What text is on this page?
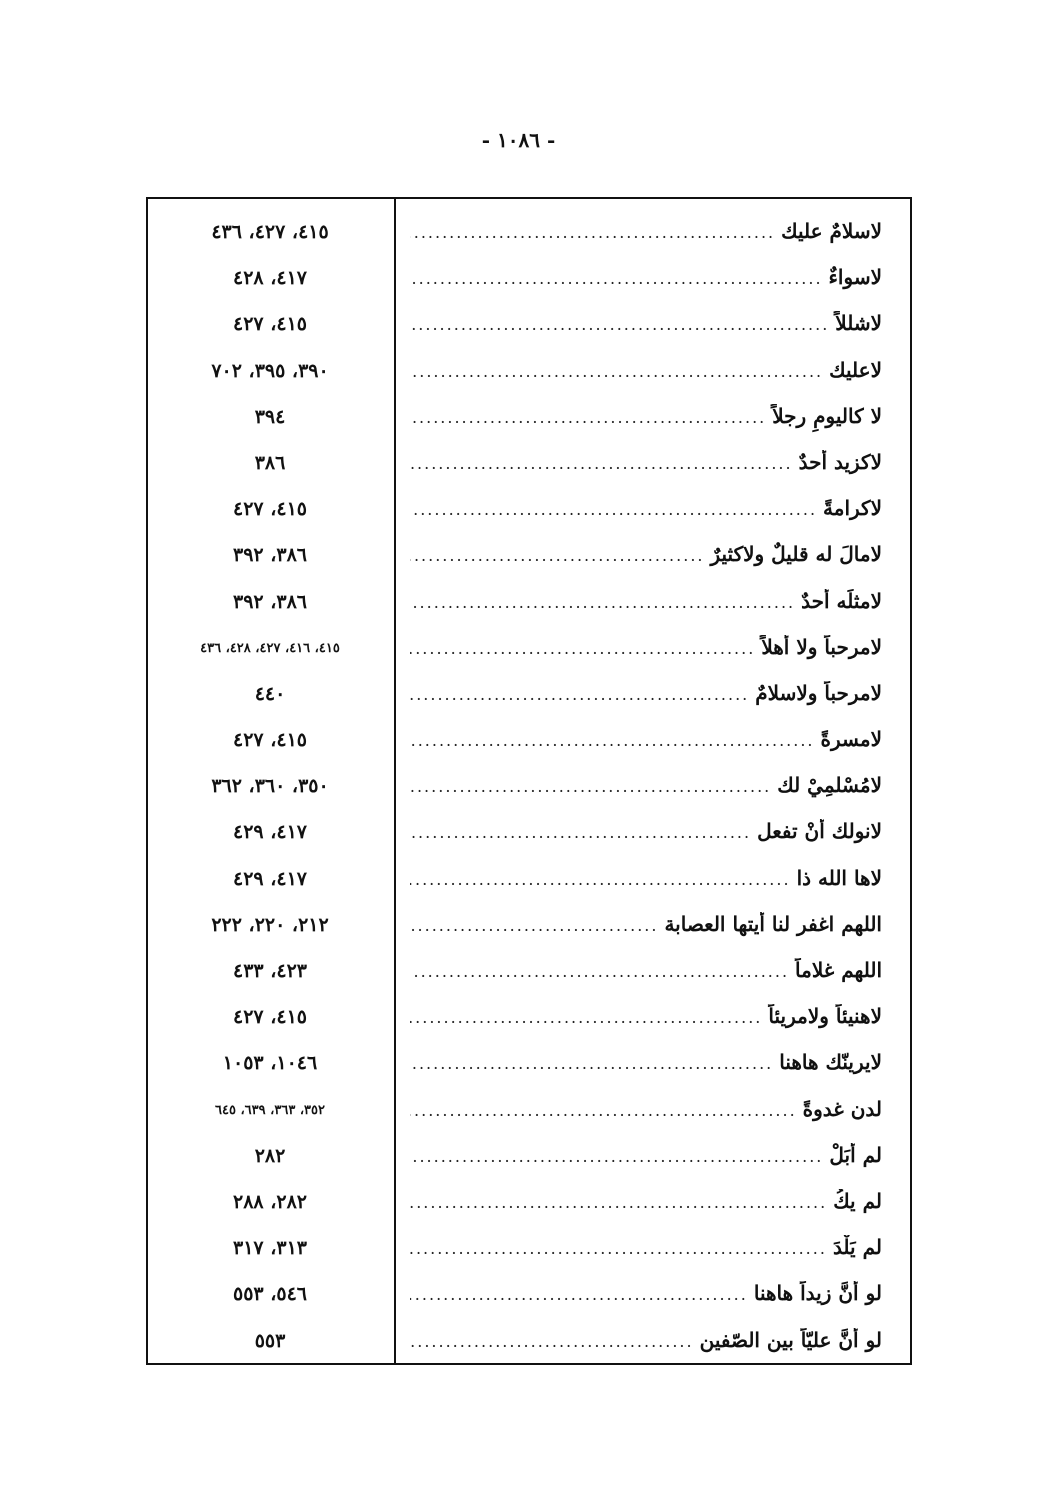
- ١٠٨٦ -
لاسلامٌ عليك
.....
٤١٥، ٤٢٧، ٤٣٦
لاسواءٌ
.....
٤١٧، ٤٢٨
لاشللاً
.....
٤١٥، ٤٢٧
لاعليك
.....
٣٩٠، ٣٩٥، ٧٠٢
لا كاليومِ رجلاً
.....
٣٩٤
لاكزيد أحدٌ
.....
٣٨٦
لاكرامةً
.....
٤١٥، ٤٢٧
لامالَ له قليلٌ ولاكثيرٌ
.....
٣٨٦، ٣٩٢
لامثلَه أحدٌ
.....
٣٨٦، ٣٩٢
لامرحباً ولا أهلاً
.....
٤١٥، ٤١٦، ٤٢٧، ٤٢٨، ٤٣٦
لامرحباً ولاسلامٌ
.....
٤٤٠
لامسرةً
.....
٤١٥، ٤٢٧
لامُسْلمِيْ لك
.....
٣٥٠، ٣٦٠، ٣٦٢
لانولك أنْ تفعل
.....
٤١٧، ٤٢٩
لاها الله ذا
.....
٤١٧، ٤٢٩
اللهم اغفر لنا أيتها العصابة
.....
٢١٢، ٢٢٠، ٢٢٢
اللهم غلاماً
.....
٤٢٣، ٤٣٣
لاهنيئاً ولامريئاً
.....
٤١٥، ٤٢٧
لايرينّك هاهنا
.....
١٠٤٦، ١٠٥٣
لدن غدوةً
.....
٣٥٢، ٣٦٣، ٦٣٩، ٦٤٥
لم أُبَلْ
.....
٢٨٢
لم يكُ
.....
٢٨٢، ٢٨٨
لم يَلْدَ
.....
٣١٣، ٣١٧
لو أنَّ زيداً هاهنا
.....
٥٤٦، ٥٥٣
لو أنَّ عليّاً بين الصّفين
.....
٥٥٣
